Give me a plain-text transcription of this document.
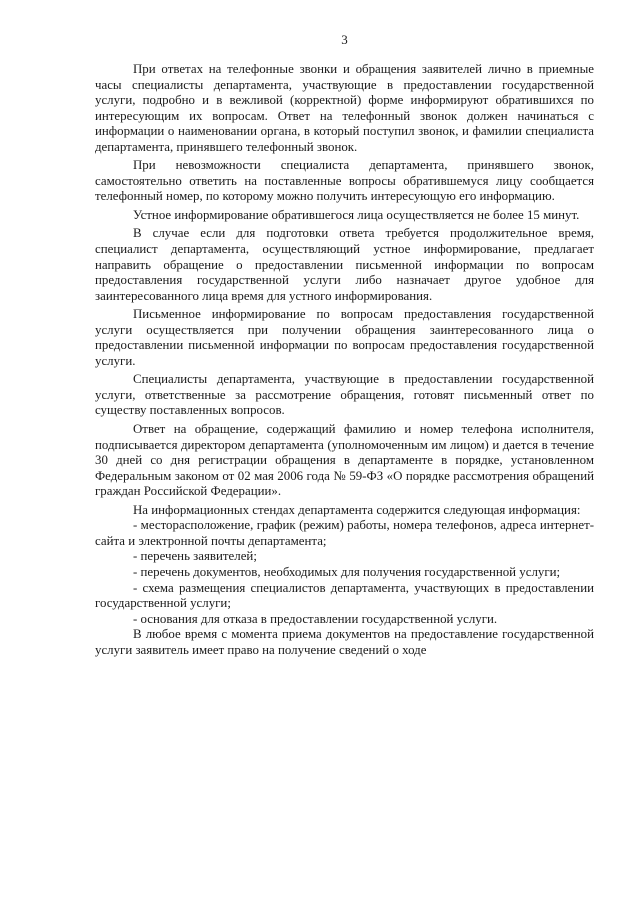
3

При ответах на телефонные звонки и обращения заявителей лично в приемные часы специалисты департамента, участвующие в предоставлении государственной услуги, подробно и в вежливой (корректной) форме информируют обратившихся по интересующим их вопросам. Ответ на телефонный звонок должен начинаться с информации о наименовании органа, в который поступил звонок, и фамилии специалиста департамента, принявшего телефонный звонок.

При невозможности специалиста департамента, принявшего звонок, самостоятельно ответить на поставленные вопросы обратившемуся лицу сообщается телефонный номер, по которому можно получить интересующую его информацию.

Устное информирование обратившегося лица осуществляется не более 15 минут.

В случае если для подготовки ответа требуется продолжительное время, специалист департамента, осуществляющий устное информирование, предлагает направить обращение о предоставлении письменной информации по вопросам предоставления государственной услуги либо назначает другое удобное для заинтересованного лица время для устного информирования.

Письменное информирование по вопросам предоставления государственной услуги осуществляется при получении обращения заинтересованного лица о предоставлении письменной информации по вопросам предоставления государственной услуги.

Специалисты департамента, участвующие в предоставлении государственной услуги, ответственные за рассмотрение обращения, готовят письменный ответ по существу поставленных вопросов.

Ответ на обращение, содержащий фамилию и номер телефона исполнителя, подписывается директором департамента (уполномоченным им лицом) и дается в течение 30 дней со дня регистрации обращения в департаменте в порядке, установленном Федеральным законом от 02 мая 2006 года № 59-ФЗ «О порядке рассмотрения обращений граждан Российской Федерации».

На информационных стендах департамента содержится следующая информация:

- месторасположение, график (режим) работы, номера телефонов, адреса интернет-сайта и электронной почты департамента;
- перечень заявителей;
- перечень документов, необходимых для получения государственной услуги;
- схема размещения специалистов департамента, участвующих в предоставлении государственной услуги;
- основания для отказа в предоставлении государственной услуги.

В любое время с момента приема документов на предоставление государственной услуги заявитель имеет право на получение сведений о ходе
